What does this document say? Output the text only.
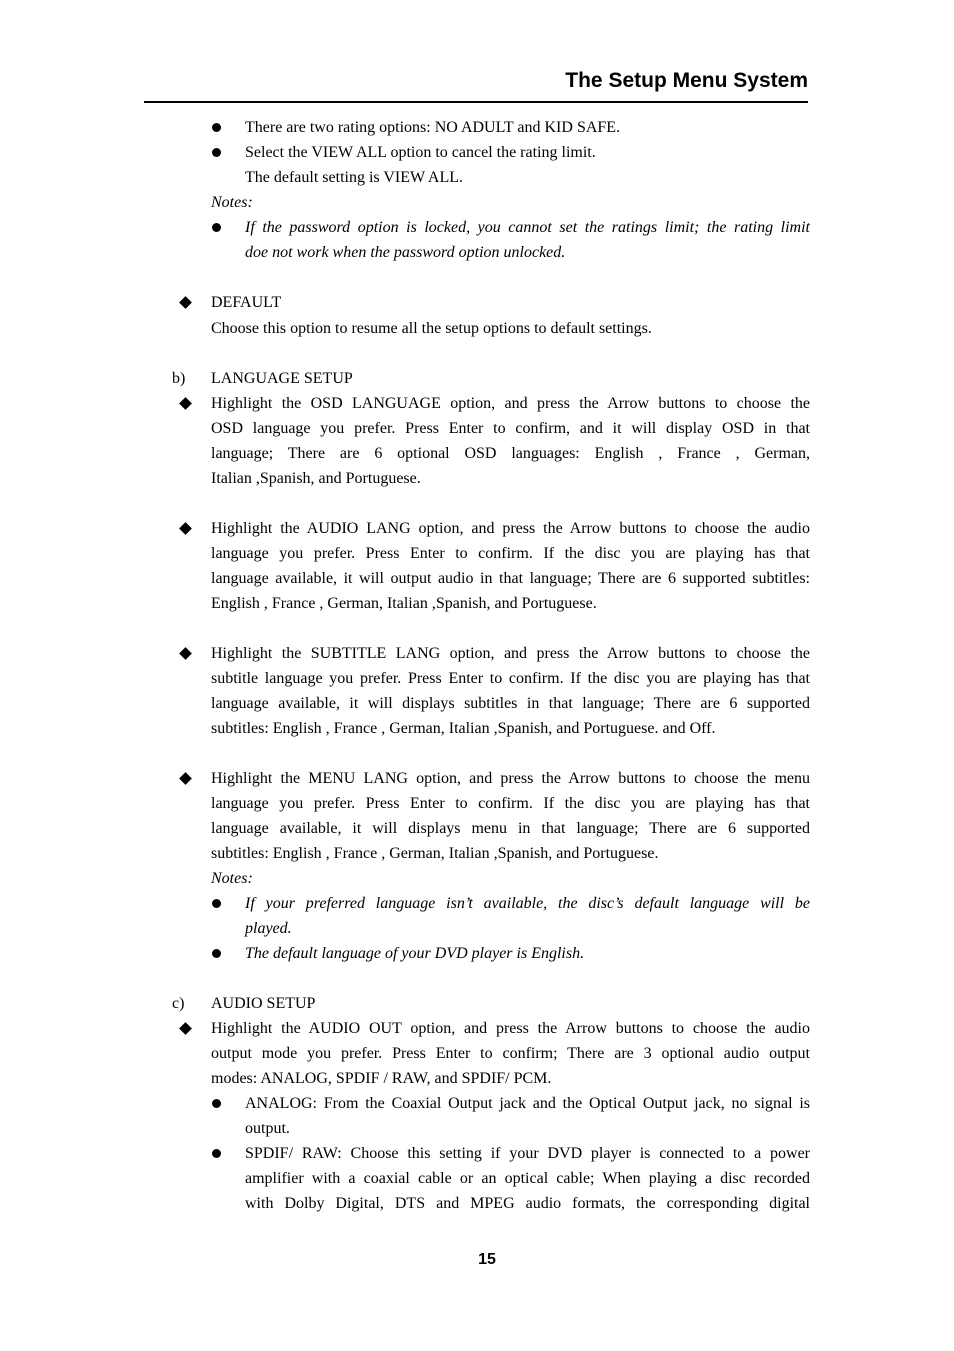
The Setup Menu System
There are two rating options: NO ADULT and KID SAFE.
Select the VIEW ALL option to cancel the rating limit.
The default setting is VIEW ALL.
Notes:
If the password option is locked, you cannot set the ratings limit; the rating limit
doe not work when the password option unlocked.
DEFAULT
Choose this option to resume all the setup options to default settings.
b) LANGUAGE SETUP
Highlight the OSD LANGUAGE option, and press the Arrow buttons to choose the
OSD language you prefer. Press Enter to confirm, and it will display OSD in that
language; There are 6 optional OSD languages: English , France , German,
Italian ,Spanish, and Portuguese.
Highlight the AUDIO LANG option, and press the Arrow buttons to choose the audio
language you prefer. Press Enter to confirm. If the disc you are playing has that
language available, it will output audio in that language; There are 6 supported subtitles:
English , France , German, Italian ,Spanish, and Portuguese.
Highlight the SUBTITLE LANG option, and press the Arrow buttons to choose the
subtitle language you prefer. Press Enter to confirm. If the disc you are playing has that
language available, it will displays subtitles in that language; There are 6 supported
subtitles: English , France , German, Italian ,Spanish, and Portuguese. and Off.
Highlight the MENU LANG option, and press the Arrow buttons to choose the menu
language you prefer. Press Enter to confirm. If the disc you are playing has that
language available, it will displays menu in that language; There are 6 supported
subtitles: English , France , German, Italian ,Spanish, and Portuguese.
Notes:
If your preferred language isn’t available, the disc’s default language will be
played.
The default language of your DVD player is English.
c) AUDIO SETUP
Highlight the AUDIO OUT option, and press the Arrow buttons to choose the audio
output mode you prefer. Press Enter to confirm; There are 3 optional audio output
modes: ANALOG, SPDIF / RAW, and SPDIF/ PCM.
ANALOG: From the Coaxial Output jack and the Optical Output jack, no signal is
output.
SPDIF/ RAW: Choose this setting if your DVD player is connected to a power
amplifier with a coaxial cable or an optical cable; When playing a disc recorded
with Dolby Digital, DTS and MPEG audio formats, the corresponding digital
15
